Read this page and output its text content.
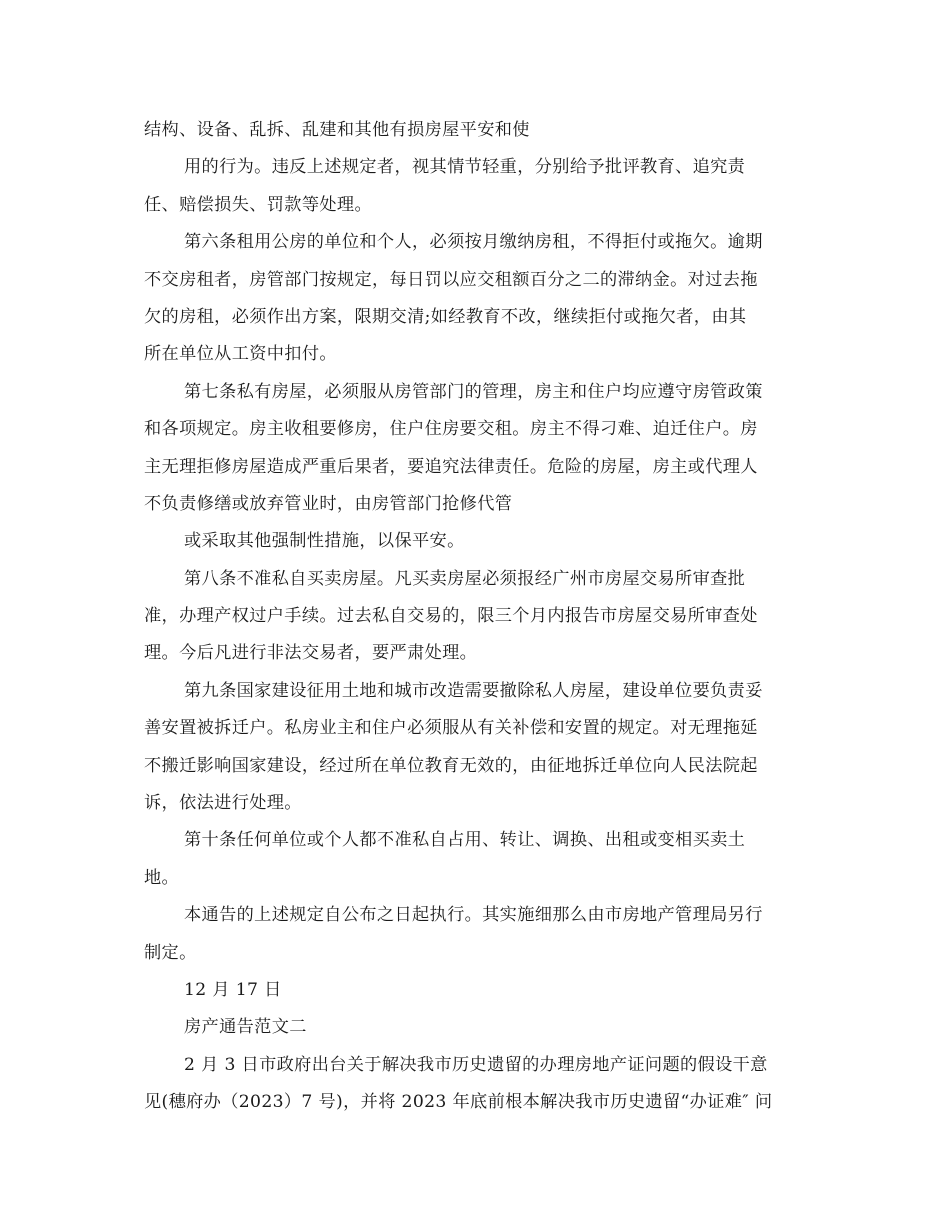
结构、设备、乱拆、乱建和其他有损房屋平安和使
用的行为。违反上述规定者，视其情节轻重，分别给予批评教育、追究责
任、赔偿损失、罚款等处理。
第六条租用公房的单位和个人，必须按月缴纳房租，不得拒付或拖欠。逾期
不交房租者，房管部门按规定，每日罚以应交租额百分之二的滞纳金。对过去拖
欠的房租，必须作出方案，限期交清;如经教育不改，继续拒付或拖欠者，由其
所在单位从工资中扣付。
第七条私有房屋，必须服从房管部门的管理，房主和住户均应遵守房管政策
和各项规定。房主收租要修房，住户住房要交租。房主不得刁难、迫迁住户。房
主无理拒修房屋造成严重后果者，要追究法律责任。危险的房屋，房主或代理人
不负责修缮或放弃管业时，由房管部门抢修代管
或采取其他强制性措施，以保平安。
第八条不准私自买卖房屋。凡买卖房屋必须报经广州市房屋交易所审查批
准，办理产权过户手续。过去私自交易的，限三个月内报告市房屋交易所审查处
理。今后凡进行非法交易者，要严肃处理。
第九条国家建设征用土地和城市改造需要撤除私人房屋，建设单位要负责妥
善安置被拆迁户。私房业主和住户必须服从有关补偿和安置的规定。对无理拖延
不搬迁影响国家建设，经过所在单位教育无效的，由征地拆迁单位向人民法院起
诉，依法进行处理。
第十条任何单位或个人都不准私自占用、转让、调换、出租或变相买卖土
地。
本通告的上述规定自公布之日起执行。其实施细那么由市房地产管理局另行
制定。
12 月 17 日
房产通告范文二
2 月 3 日市政府出台关于解决我市历史遗留的办理房地产证问题的假设干意
见(穗府办（2023）7 号)，并将 2023 年底前根本解决我市历史遗留“办证难″ 问
